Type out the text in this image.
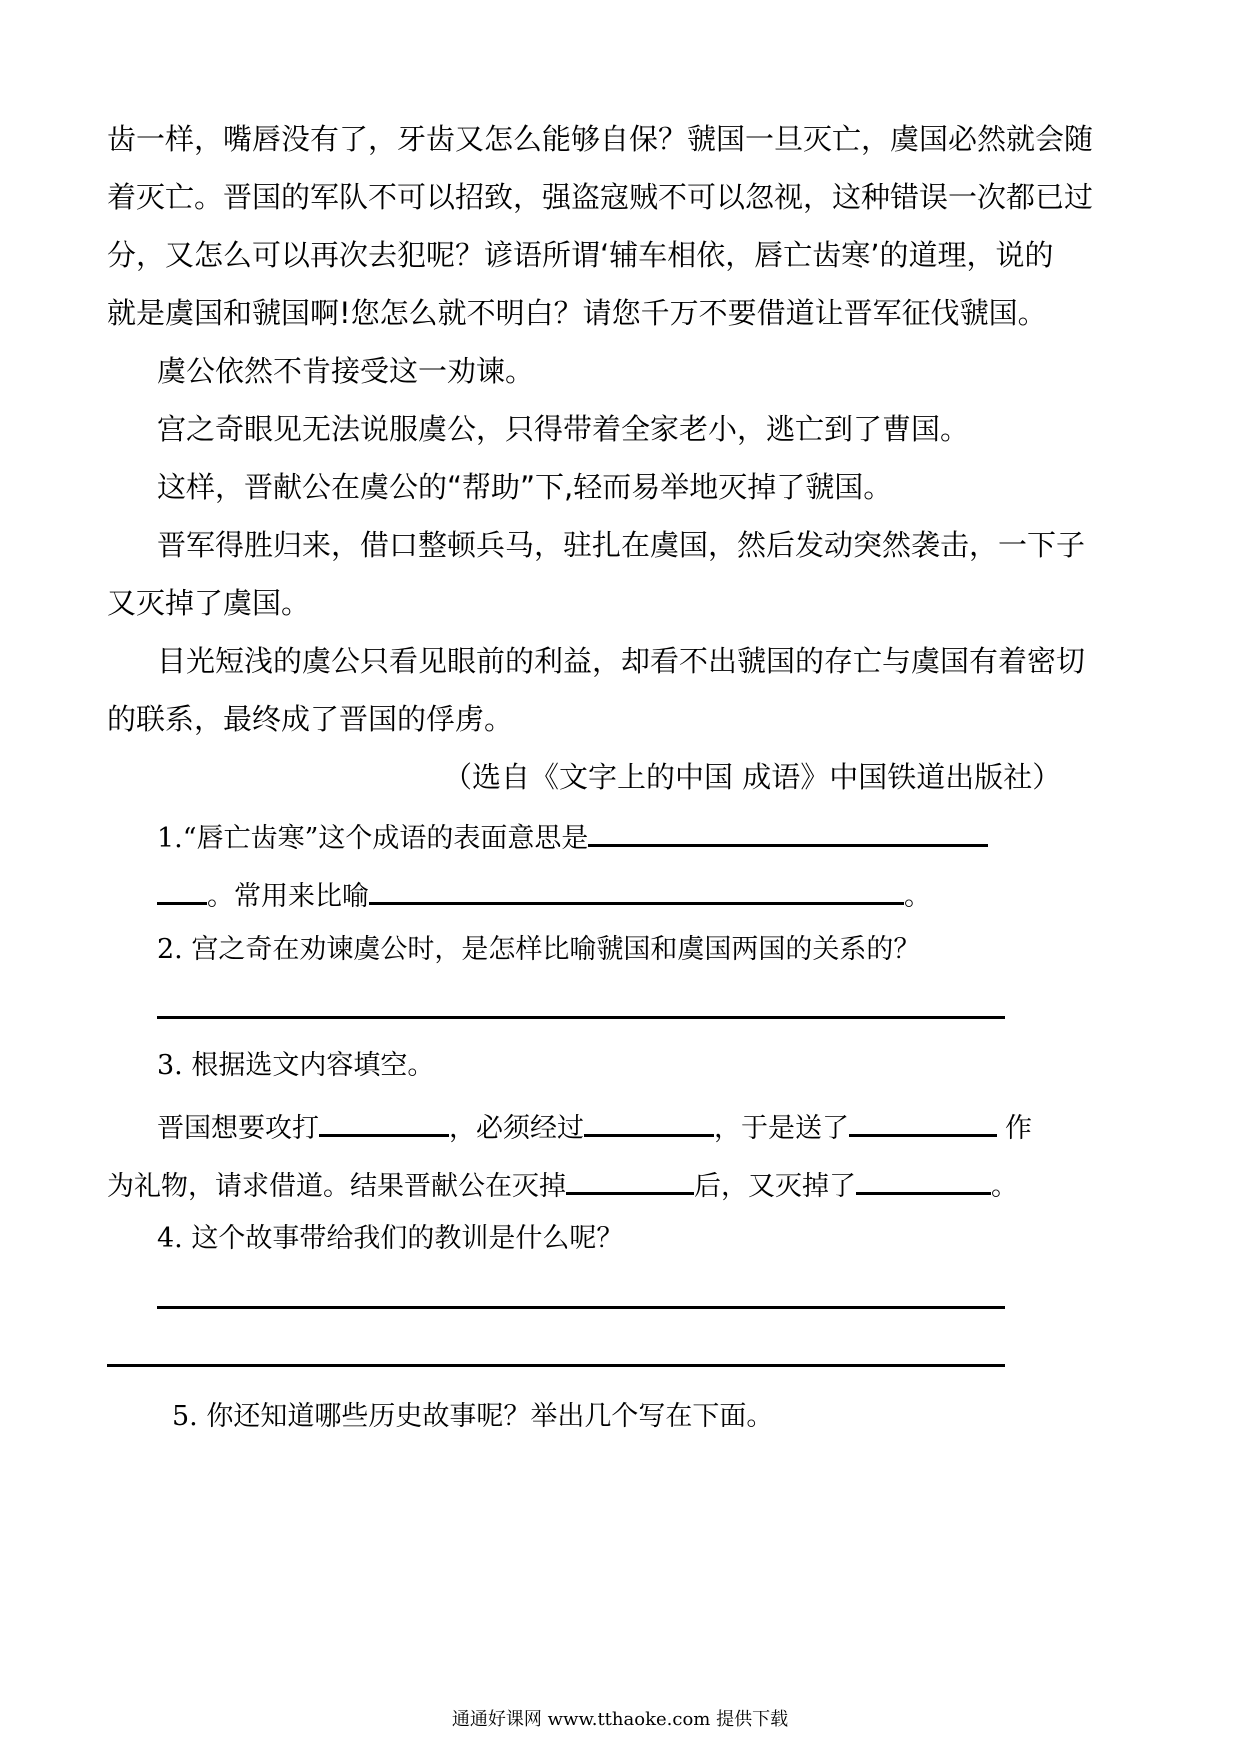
齿一样，嘴唇没有了，牙齿又怎么能够自保？虢国一旦灭亡，虞国必然就会随
着灭亡。晋国的军队不可以招致，强盗寇贼不可以忽视，这种错误一次都已过
分，又怎么可以再次去犯呢？谚语所谓‘辅车相依，唇亡齿寒’的道理，说的
就是虞国和虢国啊!您怎么就不明白？请您千万不要借道让晋军征伐虢国。
虞公依然不肯接受这一劝谏。
宫之奇眼见无法说服虞公，只得带着全家老小，逃亡到了曹国。
这样，晋献公在虞公的“帮助”下,轻而易举地灭掉了虢国。
晋军得胜归来，借口整顿兵马，驻扎在虞国，然后发动突然袭击，一下子
又灭掉了虞国。
目光短浅的虞公只看见眼前的利益，却看不出虢国的存亡与虞国有着密切
的联系，最终成了晋国的俘虏。
（选自《文字上的中国 成语》中国铁道出版社）
1.“唇亡齿寒”这个成语的表面意思是
。常用来比喻	。
2. 宫之奇在劝谏虞公时，是怎样比喻虢国和虞国两国的关系的？
3. 根据选文内容填空。
晋国想要攻打	，必须经过	，于是送了	作
为礼物，请求借道。结果晋献公在灭掉	后，又灭掉了	。
4. 这个故事带给我们的教训是什么呢？
5. 你还知道哪些历史故事呢？举出几个写在下面。
通通好课网 www.tthaoke.com 提供下载
